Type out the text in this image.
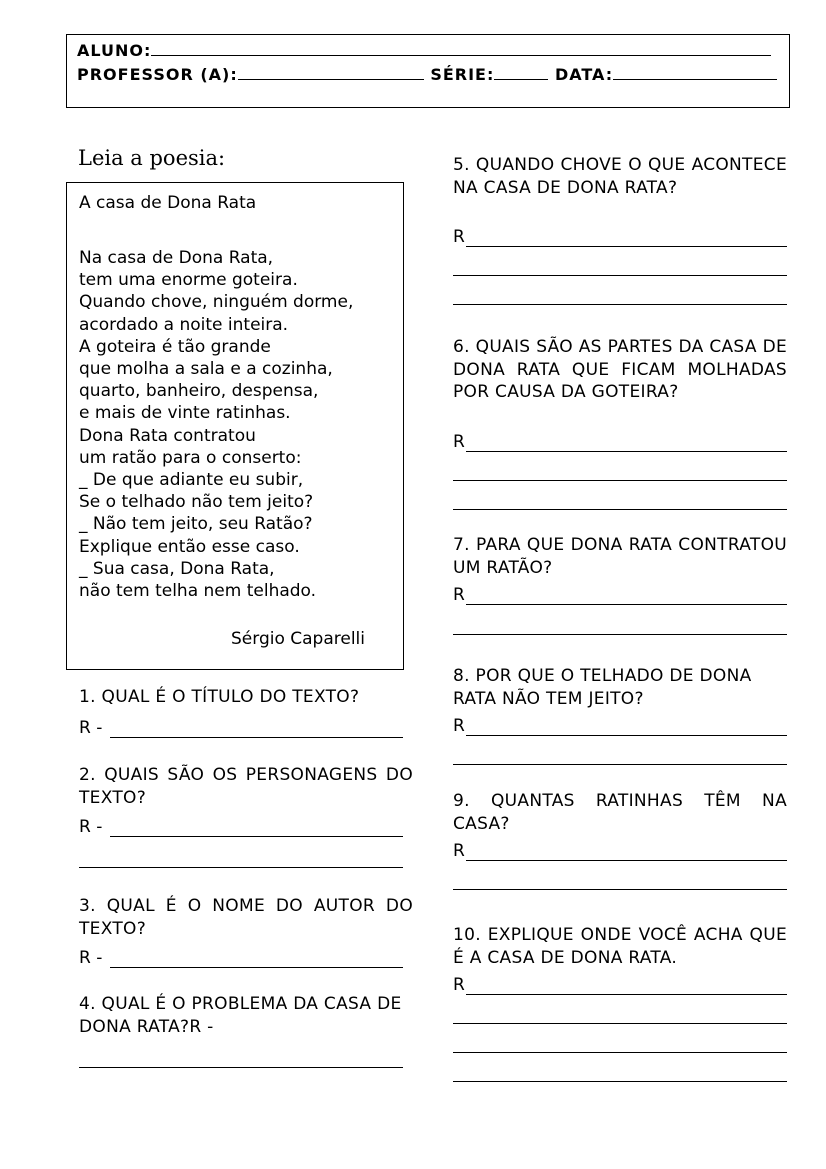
ALUNO:
PROFESSOR (A):	SÉRIE:	DATA:
Leia a poesia:
A casa de Dona Rata
Na casa de Dona Rata,
tem uma enorme goteira.
Quando chove, ninguém dorme,
acordado a noite inteira.
A goteira é tão grande
que molha a sala e a cozinha,
quarto, banheiro, despensa,
e mais de vinte ratinhas.
Dona Rata contratou
um ratão para o conserto:
_ De que adiante eu subir,
Se o telhado não tem jeito?
_ Não tem jeito, seu Ratão?
Explique então esse caso.
_ Sua casa, Dona Rata,
não tem telha nem telhado.
Sérgio Caparelli
1. QUAL É O TÍTULO DO TEXTO?
R -
2. QUAIS SÃO OS PERSONAGENS DO TEXTO?
R -
3. QUAL É O NOME DO AUTOR DO TEXTO?
R -
4. QUAL É O PROBLEMA DA CASA DE DONA RATA?R -
5. QUANDO CHOVE O QUE ACONTECE NA CASA DE DONA RATA?
R
6. QUAIS SÃO AS PARTES DA CASA DE DONA RATA QUE FICAM MOLHADAS POR CAUSA DA GOTEIRA?
R
7. PARA QUE DONA RATA CONTRATOU UM RATÃO?
R
8. POR QUE O TELHADO DE DONA RATA NÃO TEM JEITO?
R
9. QUANTAS RATINHAS TÊM NA CASA?
R
10. EXPLIQUE ONDE VOCÊ ACHA QUE É A CASA DE DONA RATA.
R
